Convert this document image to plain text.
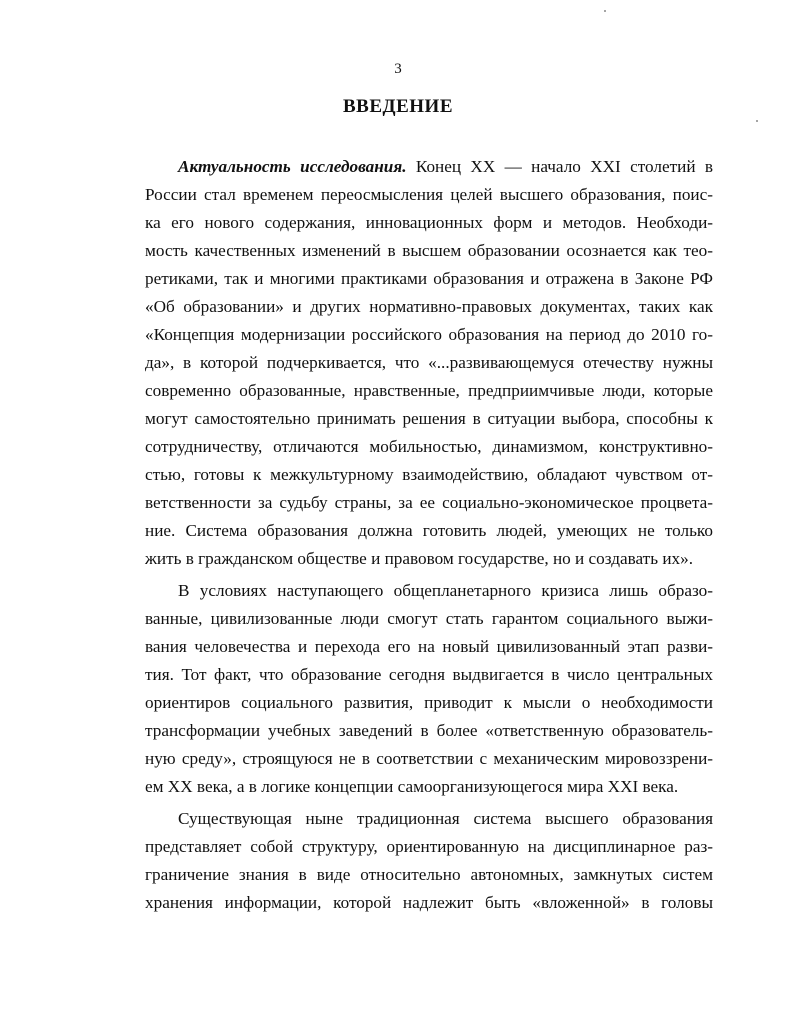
3
ВВЕДЕНИЕ
Актуальность исследования. Конец XX — начало XXI столетий в
России стал временем переосмысления целей высшего образования, поис-
ка его нового содержания, инновационных форм и методов. Необходи-
мость качественных изменений в высшем образовании осознается как тео-
ретиками, так и многими практиками образования и отражена в Законе РФ
«Об образовании» и других нормативно-правовых документах, таких как
«Концепция модернизации российского образования на период до 2010 го-
да», в которой подчеркивается, что «...развивающемуся отечеству нужны
современно образованные, нравственные, предприимчивые люди, которые
могут самостоятельно принимать решения в ситуации выбора, способны к
сотрудничеству, отличаются мобильностью, динамизмом, конструктивно-
стью, готовы к межкультурному взаимодействию, обладают чувством от-
ветственности за судьбу страны, за ее социально-экономическое процвета-
ние. Система образования должна готовить людей, умеющих не только
жить в гражданском обществе и правовом государстве, но и создавать их».
В условиях наступающего общепланетарного кризиса лишь образо-
ванные, цивилизованные люди смогут стать гарантом социального выжи-
вания человечества и перехода его на новый цивилизованный этап разви-
тия. Тот факт, что образование сегодня выдвигается в число центральных
ориентиров социального развития, приводит к мысли о необходимости
трансформации учебных заведений в более «ответственную образователь-
ную среду», строящуюся не в соответствии с механическим мировоззрени-
ем XX века, а в логике концепции самоорганизующегося мира XXI века.
Существующая ныне традиционная система высшего образования
представляет собой структуру, ориентированную на дисциплинарное раз-
граничение знания в виде относительно автономных, замкнутых систем
хранения информации, которой надлежит быть «вложенной» в головы
